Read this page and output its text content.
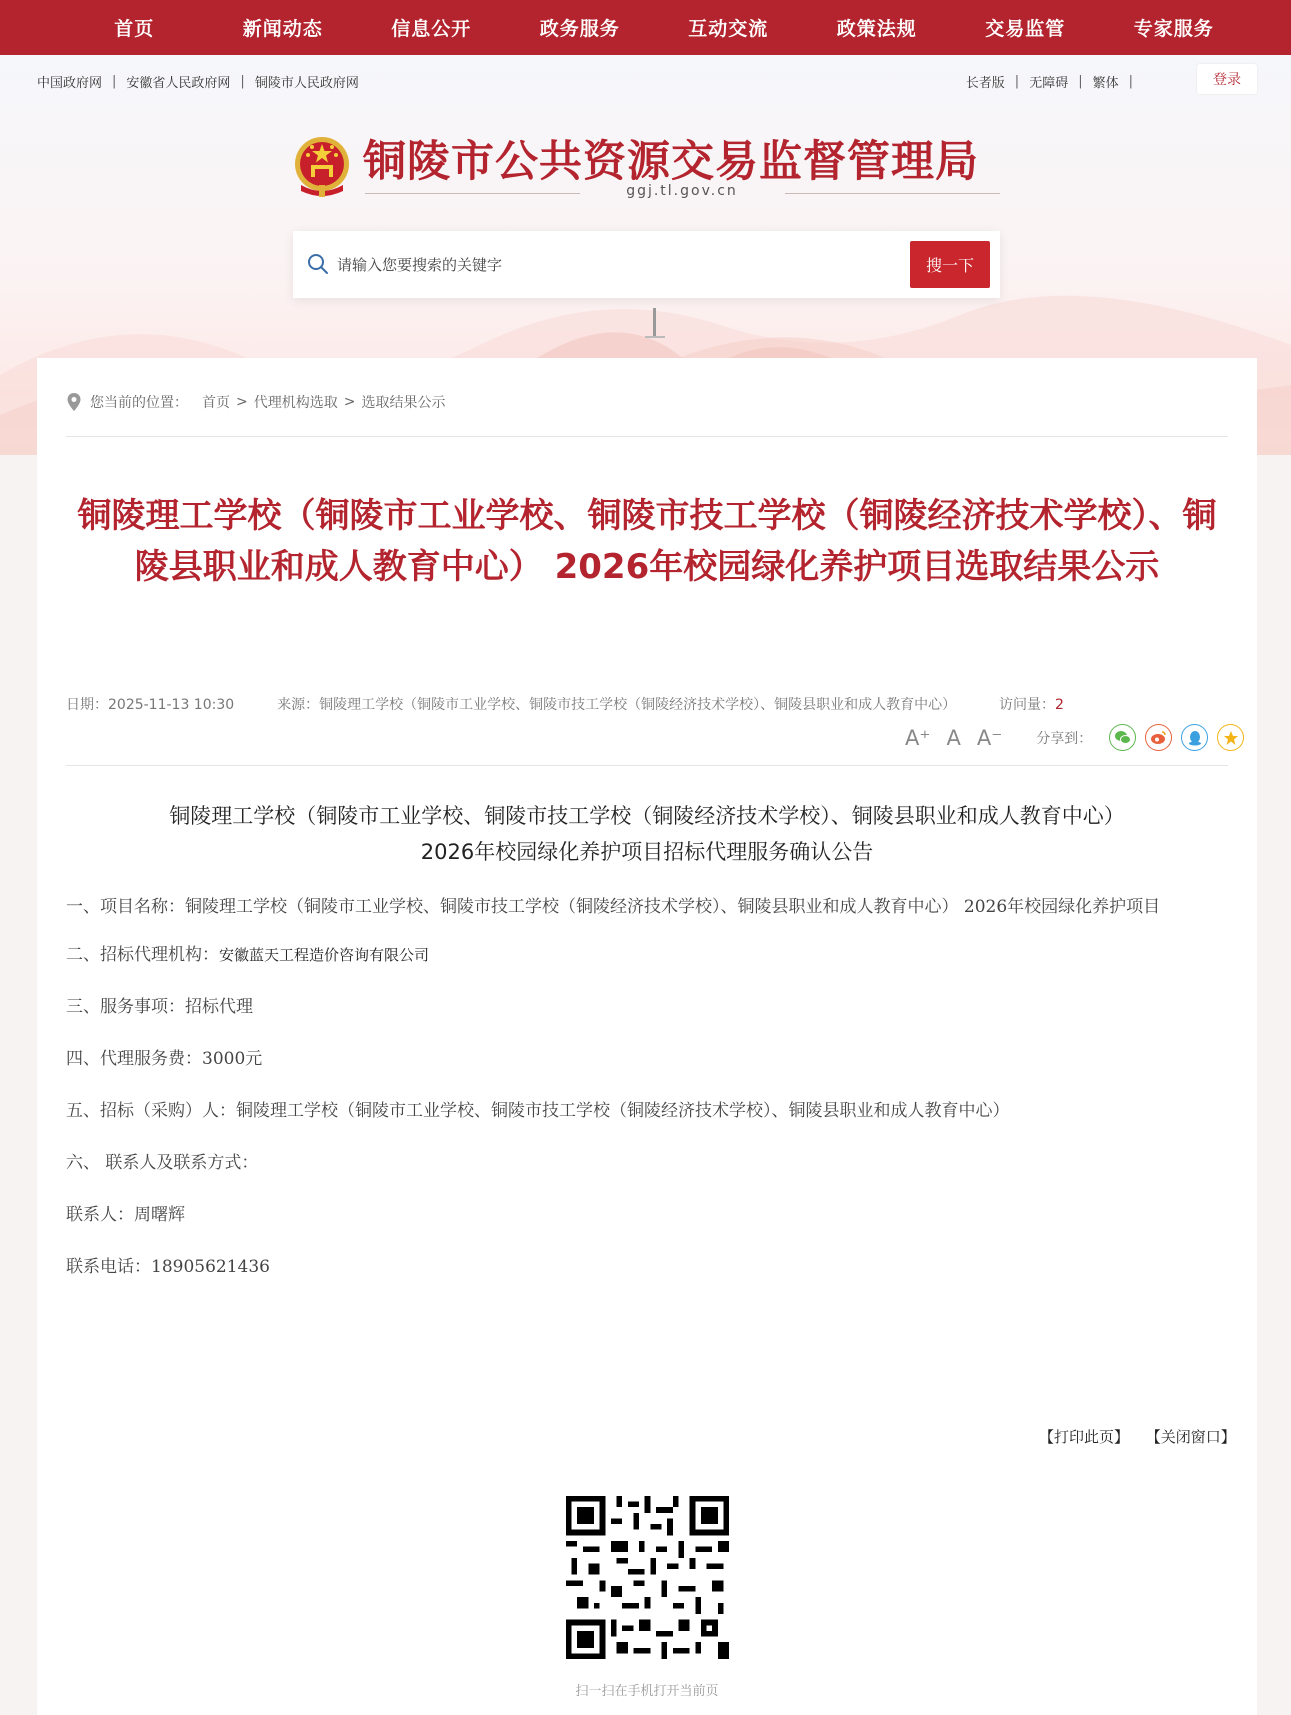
首页	新闻动态	信息公开	政务服务	互动交流	政策法规	交易监管	专家服务
中国政府网 | 安徽省人民政府网 | 铜陵市人民政府网	长者版 | 无障碍 | 繁体 |	登录
铜陵市公共资源交易监督管理局
ggj.tl.gov.cn
请输入您要搜索的关键字
搜一下
您当前的位置： 首页 > 代理机构选取 > 选取结果公示
铜陵理工学校（铜陵市工业学校、铜陵市技工学校（铜陵经济技术学校）、铜陵县职业和成人教育中心） 2026年校园绿化养护项目选取结果公示
日期：2025-11-13 10:30	来源：铜陵理工学校（铜陵市工业学校、铜陵市技工学校（铜陵经济技术学校）、铜陵县职业和成人教育中心）	访问量：2
A⁺ A A⁻ 分享到：
铜陵理工学校（铜陵市工业学校、铜陵市技工学校（铜陵经济技术学校）、铜陵县职业和成人教育中心）
2026年校园绿化养护项目招标代理服务确认公告

一、项目名称：铜陵理工学校（铜陵市工业学校、铜陵市技工学校（铜陵经济技术学校）、铜陵县职业和成人教育中心） 2026年校园绿化养护项目

二、招标代理机构：安徽蓝天工程造价咨询有限公司

三、服务事项：招标代理

四、代理服务费：3000元

五、招标（采购）人：铜陵理工学校（铜陵市工业学校、铜陵市技工学校（铜陵经济技术学校）、铜陵县职业和成人教育中心）

六、 联系人及联系方式：

联系人：周曙辉

联系电话：18905621436

【打印此页】 【关闭窗口】
扫一扫在手机打开当前页
